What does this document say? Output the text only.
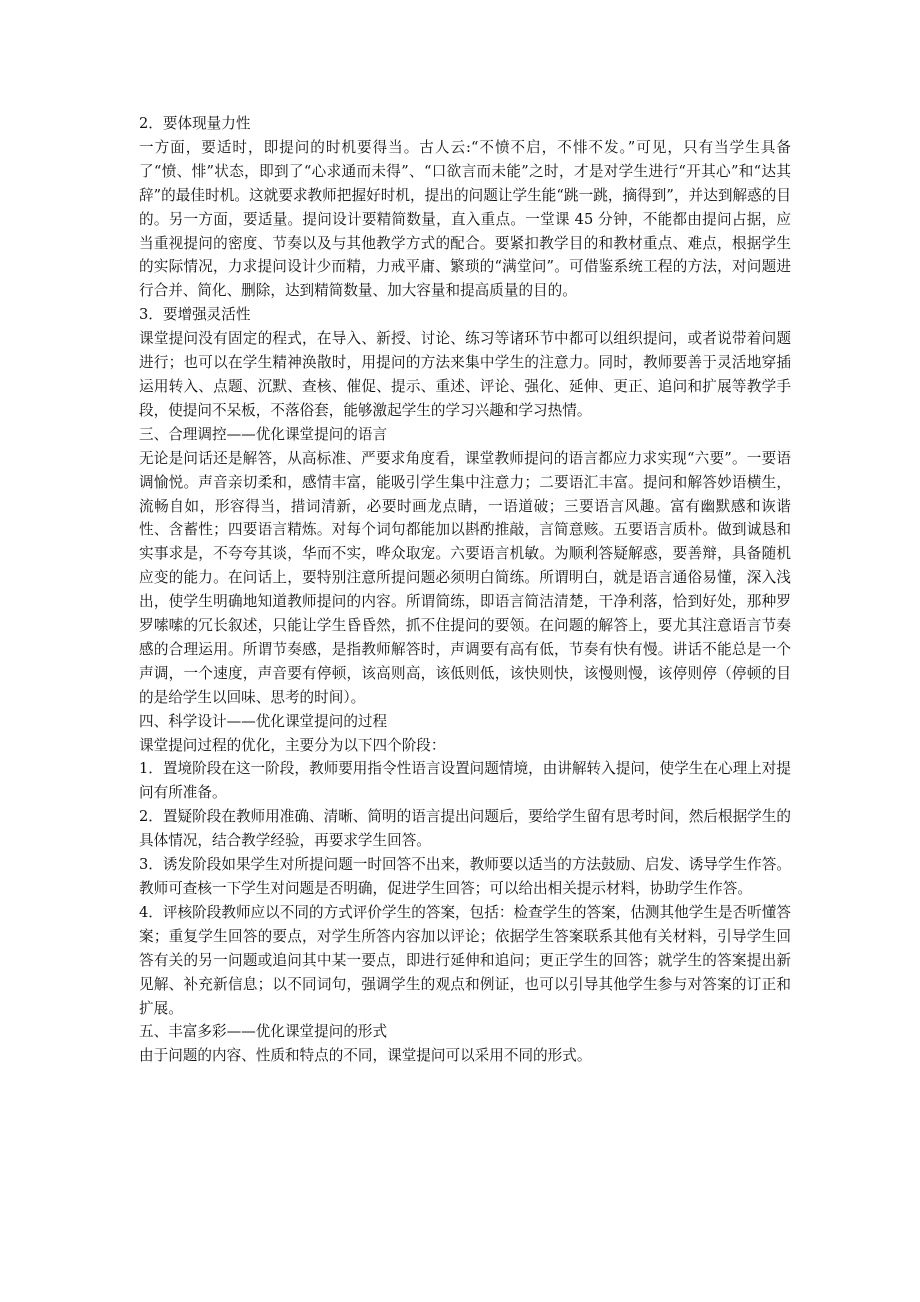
2．要体现量力性

一方面，要适时，即提问的时机要得当。古人云:“不愤不启，不悱不发。”可见，只有当学生具备了“愤、悱”状态，即到了“心求通而未得”、“口欲言而未能”之时，才是对学生进行“开其心”和“达其辞”的最佳时机。这就要求教师把握好时机，提出的问题让学生能“跳一跳，摘得到”，并达到解惑的目的。另一方面，要适量。提问设计要精简数量，直入重点。一堂课 45 分钟，不能都由提问占据，应当重视提问的密度、节奏以及与其他教学方式的配合。要紧扣教学目的和教材重点、难点，根据学生的实际情况，力求提问设计少而精，力戒平庸、繁琐的“满堂问”。可借鉴系统工程的方法，对问题进行合并、简化、删除，达到精简数量、加大容量和提高质量的目的。

3．要增强灵活性

课堂提问没有固定的程式，在导入、新授、讨论、练习等诸环节中都可以组织提问，或者说带着问题进行；也可以在学生精神涣散时，用提问的方法来集中学生的注意力。同时，教师要善于灵活地穿插运用转入、点题、沉默、查核、催促、提示、重述、评论、强化、延伸、更正、追问和扩展等教学手段，使提问不呆板，不落俗套，能够激起学生的学习兴趣和学习热情。

三、合理调控——优化课堂提问的语言

无论是问话还是解答，从高标准、严要求角度看，课堂教师提问的语言都应力求实现“六要”。一要语调愉悦。声音亲切柔和，感情丰富，能吸引学生集中注意力；二要语汇丰富。提问和解答妙语横生，流畅自如，形容得当，措词清新，必要时画龙点睛，一语道破；三要语言风趣。富有幽默感和诙谐性、含蓄性；四要语言精炼。对每个词句都能加以斟酌推敲，言简意赅。五要语言质朴。做到诚恳和实事求是，不夸夸其谈，华而不实，哗众取宠。六要语言机敏。为顺利答疑解惑，要善辩，具备随机应变的能力。在问话上，要特别注意所提问题必须明白简练。所谓明白，就是语言通俗易懂，深入浅出，使学生明确地知道教师提问的内容。所谓简练，即语言简洁清楚，干净利落，恰到好处，那种罗罗嗦嗦的冗长叙述，只能让学生昏昏然，抓不住提问的要领。在问题的解答上，要尤其注意语言节奏感的合理运用。所谓节奏感，是指教师解答时，声调要有高有低，节奏有快有慢。讲话不能总是一个声调，一个速度，声音要有停顿，该高则高，该低则低，该快则快，该慢则慢，该停则停（停顿的目的是给学生以回味、思考的时间）。

四、科学设计——优化课堂提问的过程

课堂提问过程的优化，主要分为以下四个阶段：

1．置境阶段在这一阶段，教师要用指令性语言设置问题情境，由讲解转入提问，使学生在心理上对提问有所准备。

2．置疑阶段在教师用准确、清晰、简明的语言提出问题后，要给学生留有思考时间，然后根据学生的具体情况，结合教学经验，再要求学生回答。

3．诱发阶段如果学生对所提问题一时回答不出来，教师要以适当的方法鼓励、启发、诱导学生作答。教师可查核一下学生对问题是否明确，促进学生回答；可以给出相关提示材料，协助学生作答。

4．评核阶段教师应以不同的方式评价学生的答案，包括：检查学生的答案，估测其他学生是否听懂答案；重复学生回答的要点，对学生所答内容加以评论；依据学生答案联系其他有关材料，引导学生回答有关的另一问题或追问其中某一要点，即进行延伸和追问；更正学生的回答；就学生的答案提出新见解、补充新信息；以不同词句，强调学生的观点和例证，也可以引导其他学生参与对答案的订正和扩展。

五、丰富多彩——优化课堂提问的形式

由于问题的内容、性质和特点的不同，课堂提问可以采用不同的形式。
